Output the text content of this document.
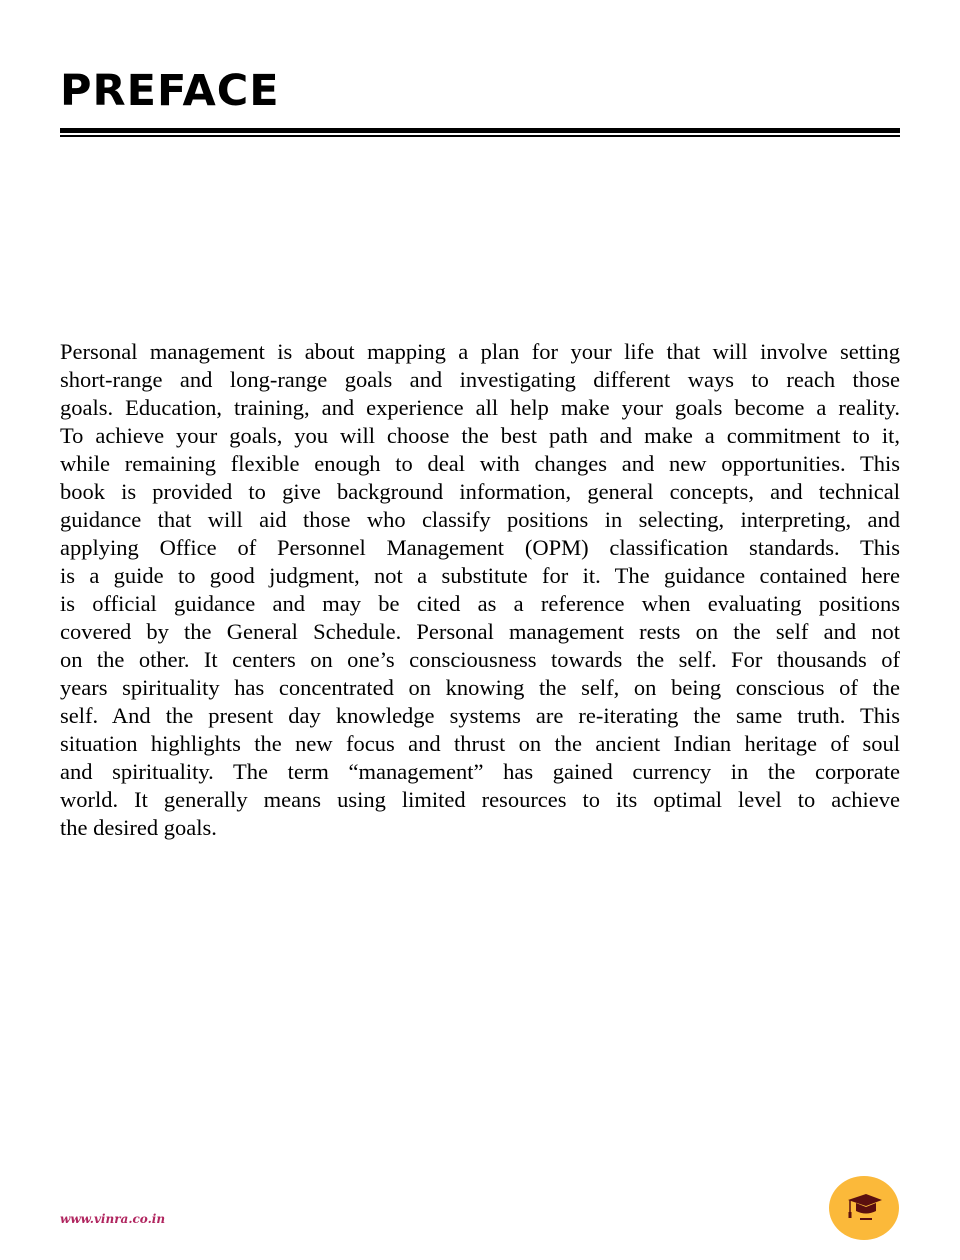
PREFACE
Personal management is about mapping a plan for your life that will involve setting
short-range and long-range goals and investigating different ways to reach those
goals. Education, training, and experience all help make your goals become a reality.
To achieve your goals, you will choose the best path and make a commitment to it,
while remaining flexible enough to deal with changes and new opportunities. This
book is provided to give background information, general concepts, and technical
guidance that will aid those who classify positions in selecting, interpreting, and
applying Office of Personnel Management (OPM) classification standards. This
is a guide to good judgment, not a substitute for it. The guidance contained here
is official guidance and may be cited as a reference when evaluating positions
covered by the General Schedule. Personal management rests on the self and not
on the other. It centers on one’s consciousness towards the self. For thousands of
years spirituality has concentrated on knowing the self, on being conscious of the
self. And the present day knowledge systems are re-iterating the same truth. This
situation highlights the new focus and thrust on the ancient Indian heritage of soul
and spirituality. The term “management” has gained currency in the corporate
world. It generally means using limited resources to its optimal level to achieve
the desired goals.
www.vinra.co.in
